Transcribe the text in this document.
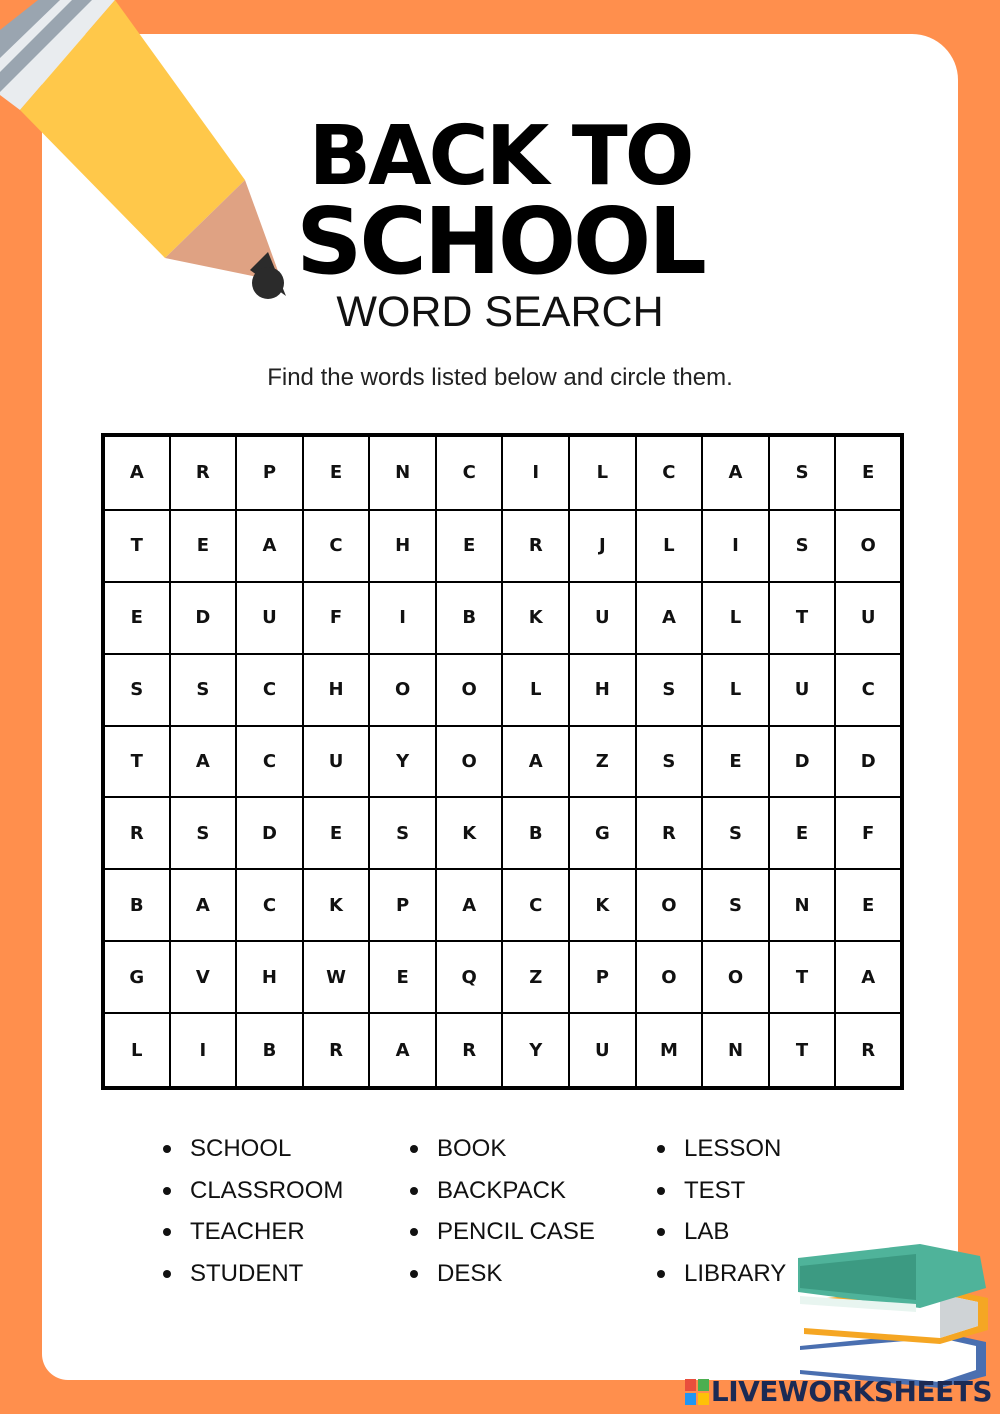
BACK TO
SCHOOL
WORD SEARCH
Find the words listed below and circle them.
A	R	P	E	N	C	I	L	C	A	S	E
T	E	A	C	H	E	R	J	L	I	S	O
E	D	U	F	I	B	K	U	A	L	T	U
S	S	C	H	O	O	L	H	S	L	U	C
T	A	C	U	Y	O	A	Z	S	E	D	D
R	S	D	E	S	K	B	G	R	S	E	F
B	A	C	K	P	A	C	K	O	S	N	E
G	V	H	W	E	Q	Z	P	O	O	T	A
L	I	B	R	A	R	Y	U	M	N	T	R
SCHOOL
CLASSROOM
TEACHER
STUDENT
BOOK
BACKPACK
PENCIL CASE
DESK
LESSON
TEST
LAB
LIBRARY
LIVEWORKSHEETS
